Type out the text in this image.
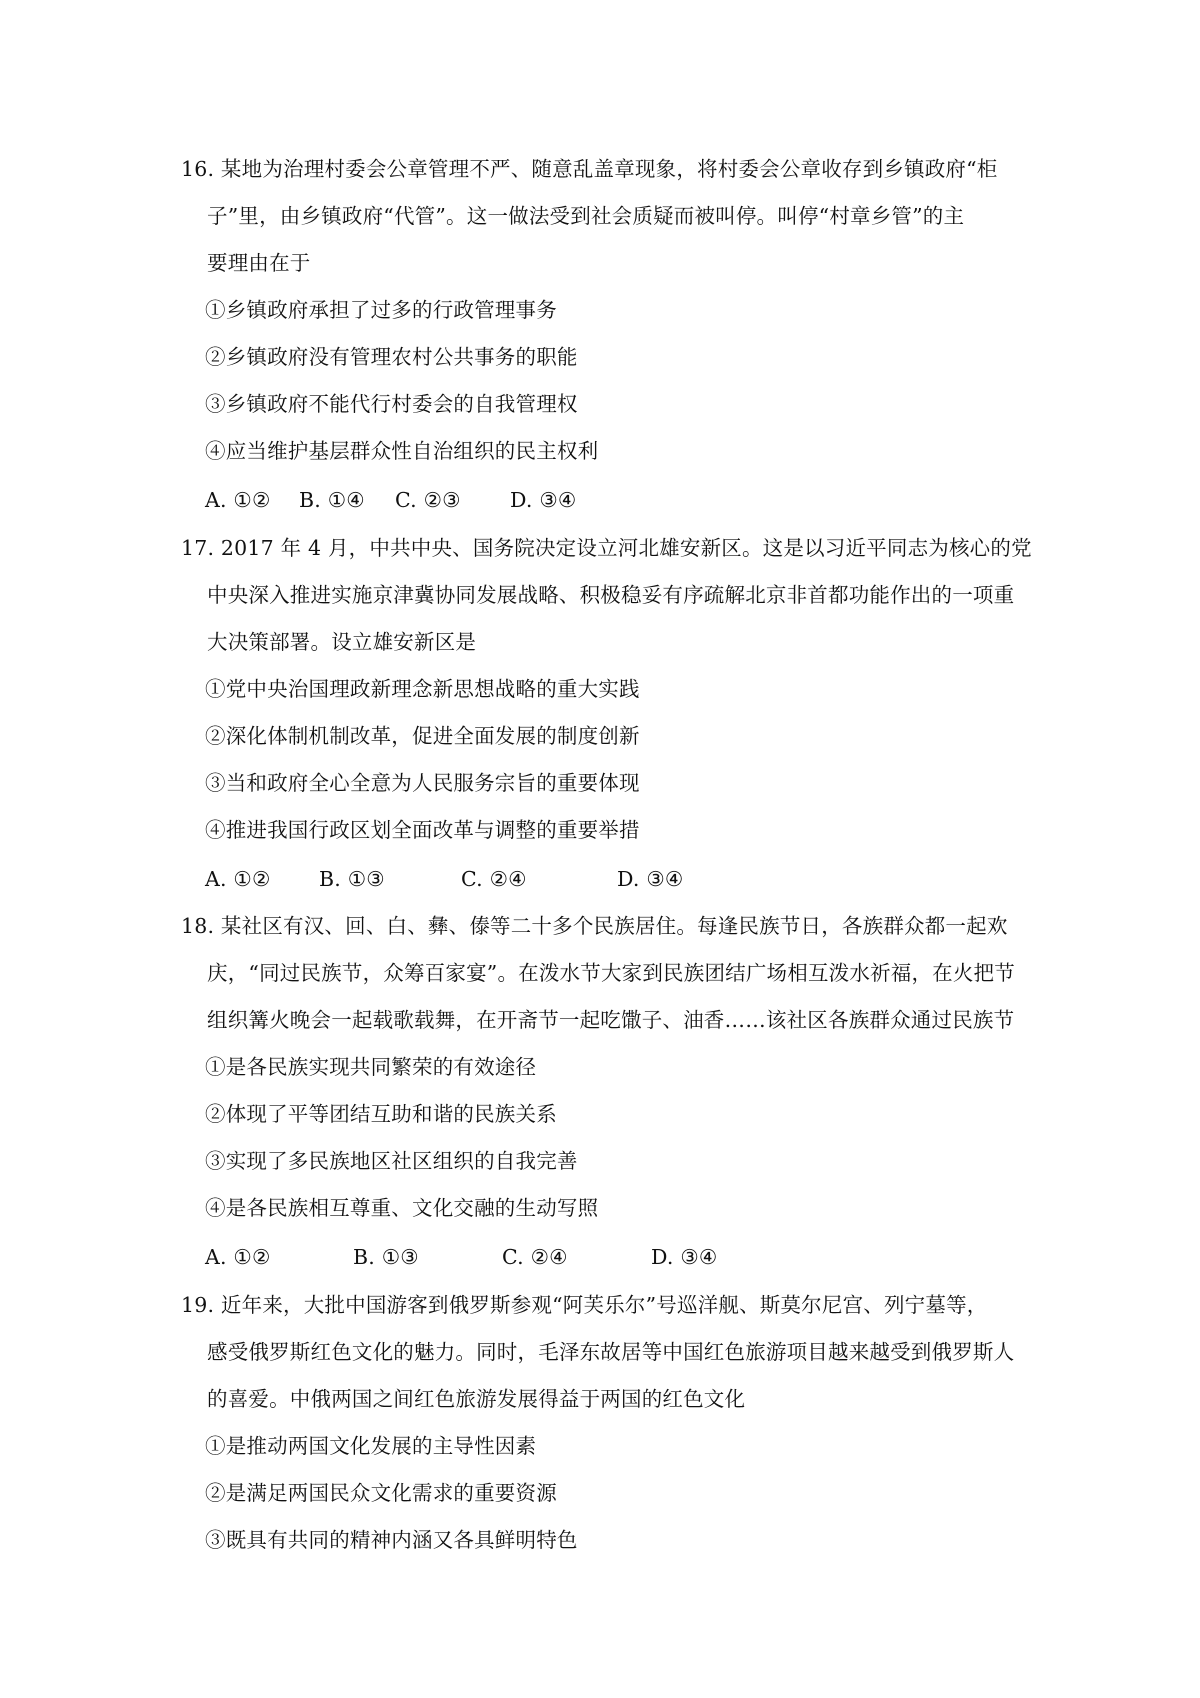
16. 某地为治理村委会公章管理不严、随意乱盖章现象，将村委会公章收存到乡镇政府“柜
子”里，由乡镇政府“代管”。这一做法受到社会质疑而被叫停。叫停“村章乡管”的主
要理由在于
①乡镇政府承担了过多的行政管理事务
②乡镇政府没有管理农村公共事务的职能
③乡镇政府不能代行村委会的自我管理权
④应当维护基层群众性自治组织的民主权利
A. ①② B. ①④ C. ②③ D. ③④
17. 2017 年 4 月，中共中央、国务院决定设立河北雄安新区。这是以习近平同志为核心的党
中央深入推进实施京津冀协同发展战略、积极稳妥有序疏解北京非首都功能作出的一项重
大决策部署。设立雄安新区是
①党中央治国理政新理念新思想战略的重大实践
②深化体制机制改革，促进全面发展的制度创新
③当和政府全心全意为人民服务宗旨的重要体现
④推进我国行政区划全面改革与调整的重要举措
A. ①② B. ①③	C. ②④	D. ③④
18. 某社区有汉、回、白、彝、傣等二十多个民族居住。每逢民族节日，各族群众都一起欢
庆，“同过民族节，众筹百家宴”。在泼水节大家到民族团结广场相互泼水祈福，在火把节
组织篝火晚会一起载歌载舞，在开斋节一起吃馓子、油香……该社区各族群众通过民族节
①是各民族实现共同繁荣的有效途径
②体现了平等团结互助和谐的民族关系
③实现了多民族地区社区组织的自我完善
④是各民族相互尊重、文化交融的生动写照
A. ①②	B. ①③	C. ②④	D. ③④
19. 近年来，大批中国游客到俄罗斯参观“阿芙乐尔”号巡洋舰、斯莫尔尼宫、列宁墓等，
感受俄罗斯红色文化的魅力。同时，毛泽东故居等中国红色旅游项目越来越受到俄罗斯人
的喜爱。中俄两国之间红色旅游发展得益于两国的红色文化
①是推动两国文化发展的主导性因素
②是满足两国民众文化需求的重要资源
③既具有共同的精神内涵又各具鲜明特色
